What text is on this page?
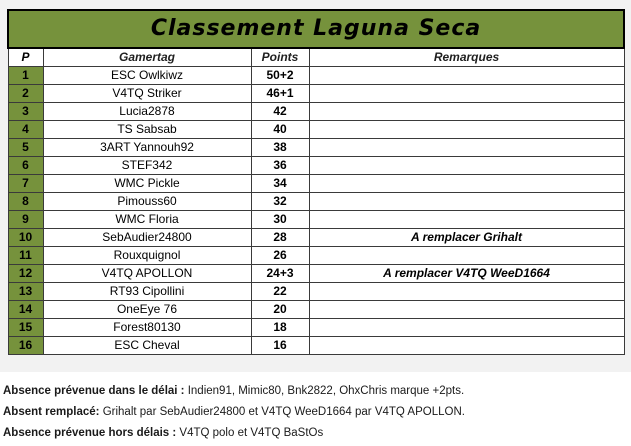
Classement Laguna Seca			
P	Gamertag	Points	Remarques
1	ESC Owlkiwz	50+2	
2	V4TQ Striker	46+1	
3	Lucia2878	42	
4	TS Sabsab	40	
5	3ART Yannouh92	38	
6	STEF342	36	
7	WMC Pickle	34	
8	Pimouss60	32	
9	WMC Floria	30	
10	SebAudier24800	28	A remplacer Grihalt
11	Rouxquignol	26	
12	V4TQ APOLLON	24+3	A remplacer V4TQ WeeD1664
13	RT93 Cipollini	22	
14	OneEye 76	20	
15	Forest80130	18	
16	ESC Cheval	16	
Absence prévenue dans le délai : Indien91, Mimic80, Bnk2822, OhxChris marque +2pts.
Absent remplacé: Grihalt par SebAudier24800 et V4TQ WeeD1664 par V4TQ APOLLON.
Absence prévenue hors délais : V4TQ polo et V4TQ BaStOs
